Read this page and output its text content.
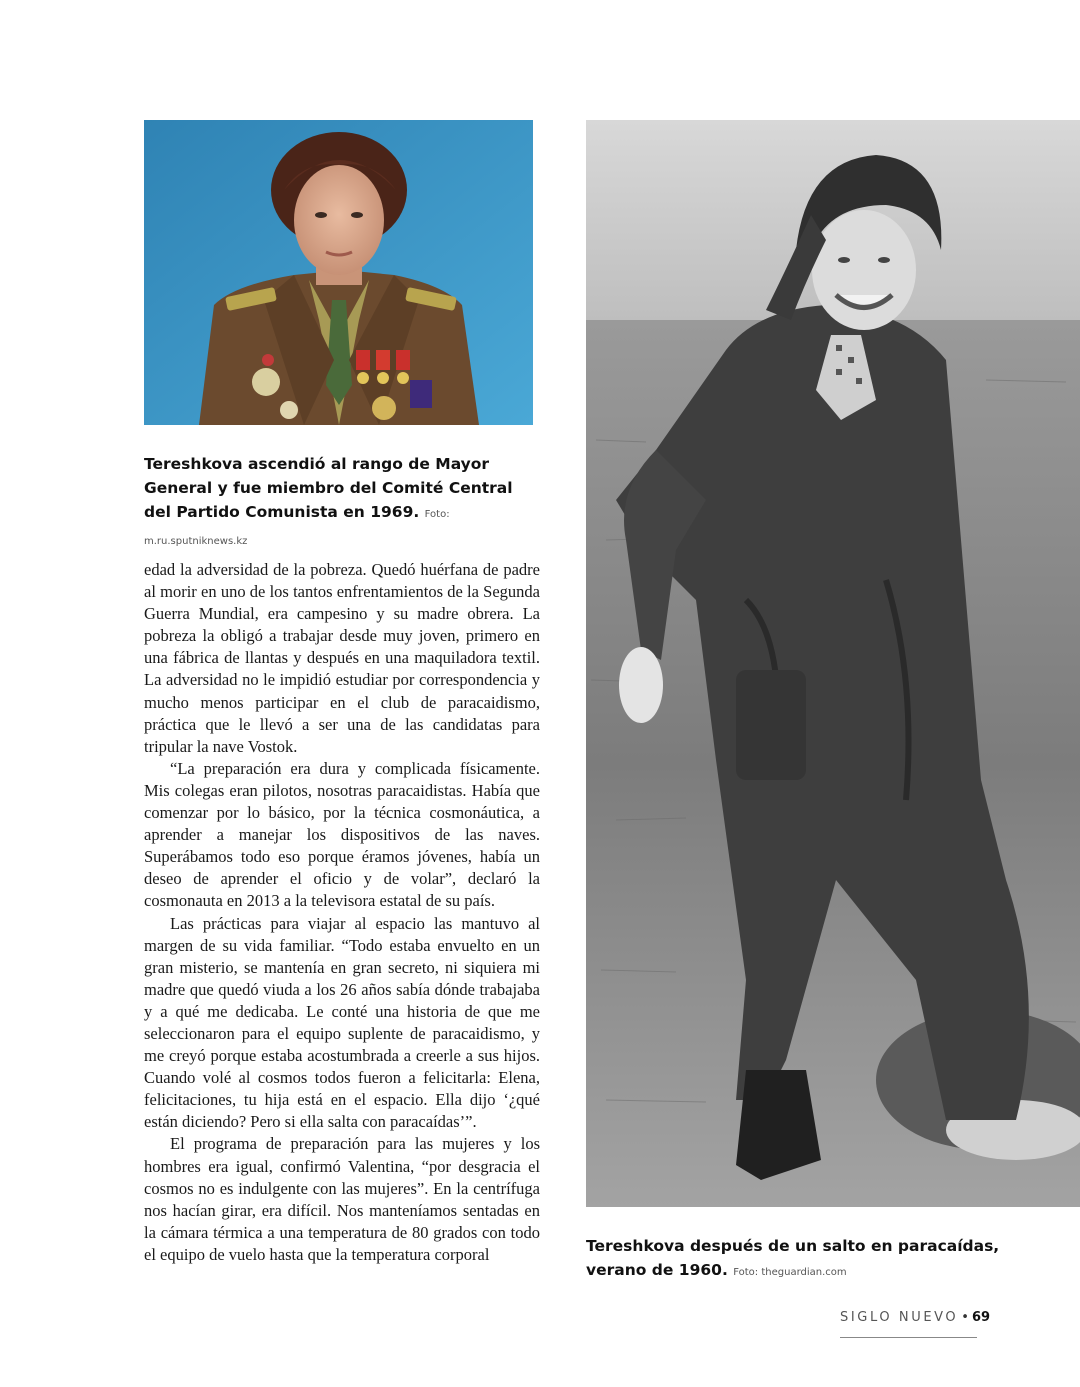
Tereshkova ascendió al rango de Mayor General y fue miembro del Comité Central del Partido Comunista en 1969. Foto: m.ru.sputniknews.kz
Tereshkova después de un salto en paracaídas, verano de 1960. Foto: theguardian.com

edad la adversidad de la pobreza. Quedó huérfana de padre al morir en uno de los tantos enfrentamientos de la Segunda Guerra Mundial, era campesino y su madre obrera. La pobreza la obligó a trabajar desde muy joven, primero en una fábrica de llantas y después en una maquiladora textil. La adversidad no le impidió estudiar por correspondencia y mucho menos participar en el club de paracaidismo, práctica que le llevó a ser una de las candidatas para tripular la nave Vostok.

“La preparación era dura y complicada físicamente. Mis colegas eran pilotos, nosotras paracaidistas. Había que comenzar por lo básico, por la técnica cosmonáutica, a aprender a manejar los dispositivos de las naves. Superábamos todo eso porque éramos jóvenes, había un deseo de aprender el oficio y de volar”, declaró la cosmonauta en 2013 a la televisora estatal de su país.

Las prácticas para viajar al espacio las mantuvo al margen de su vida familiar. “Todo estaba envuelto en un gran misterio, se mantenía en gran secreto, ni siquiera mi madre que quedó viuda a los 26 años sabía dónde trabajaba y a qué me dedicaba. Le conté una historia de que me seleccionaron para el equipo suplente de paracaidismo, y me creyó porque estaba acostumbrada a creerle a sus hijos. Cuando volé al cosmos todos fueron a felicitarla: Elena, felicitaciones, tu hija está en el espacio. Ella dijo ‘¿qué están diciendo? Pero si ella salta con paracaídas’”.

El programa de preparación para las mujeres y los hombres era igual, confirmó Valentina, “por desgracia el cosmos no es indulgente con las mujeres”. En la centrífuga nos hacían girar, era difícil. Nos manteníamos sentadas en la cámara térmica a una temperatura de 80 grados con todo el equipo de vuelo hasta que la temperatura corporal

SIGLO NUEVO • 69
